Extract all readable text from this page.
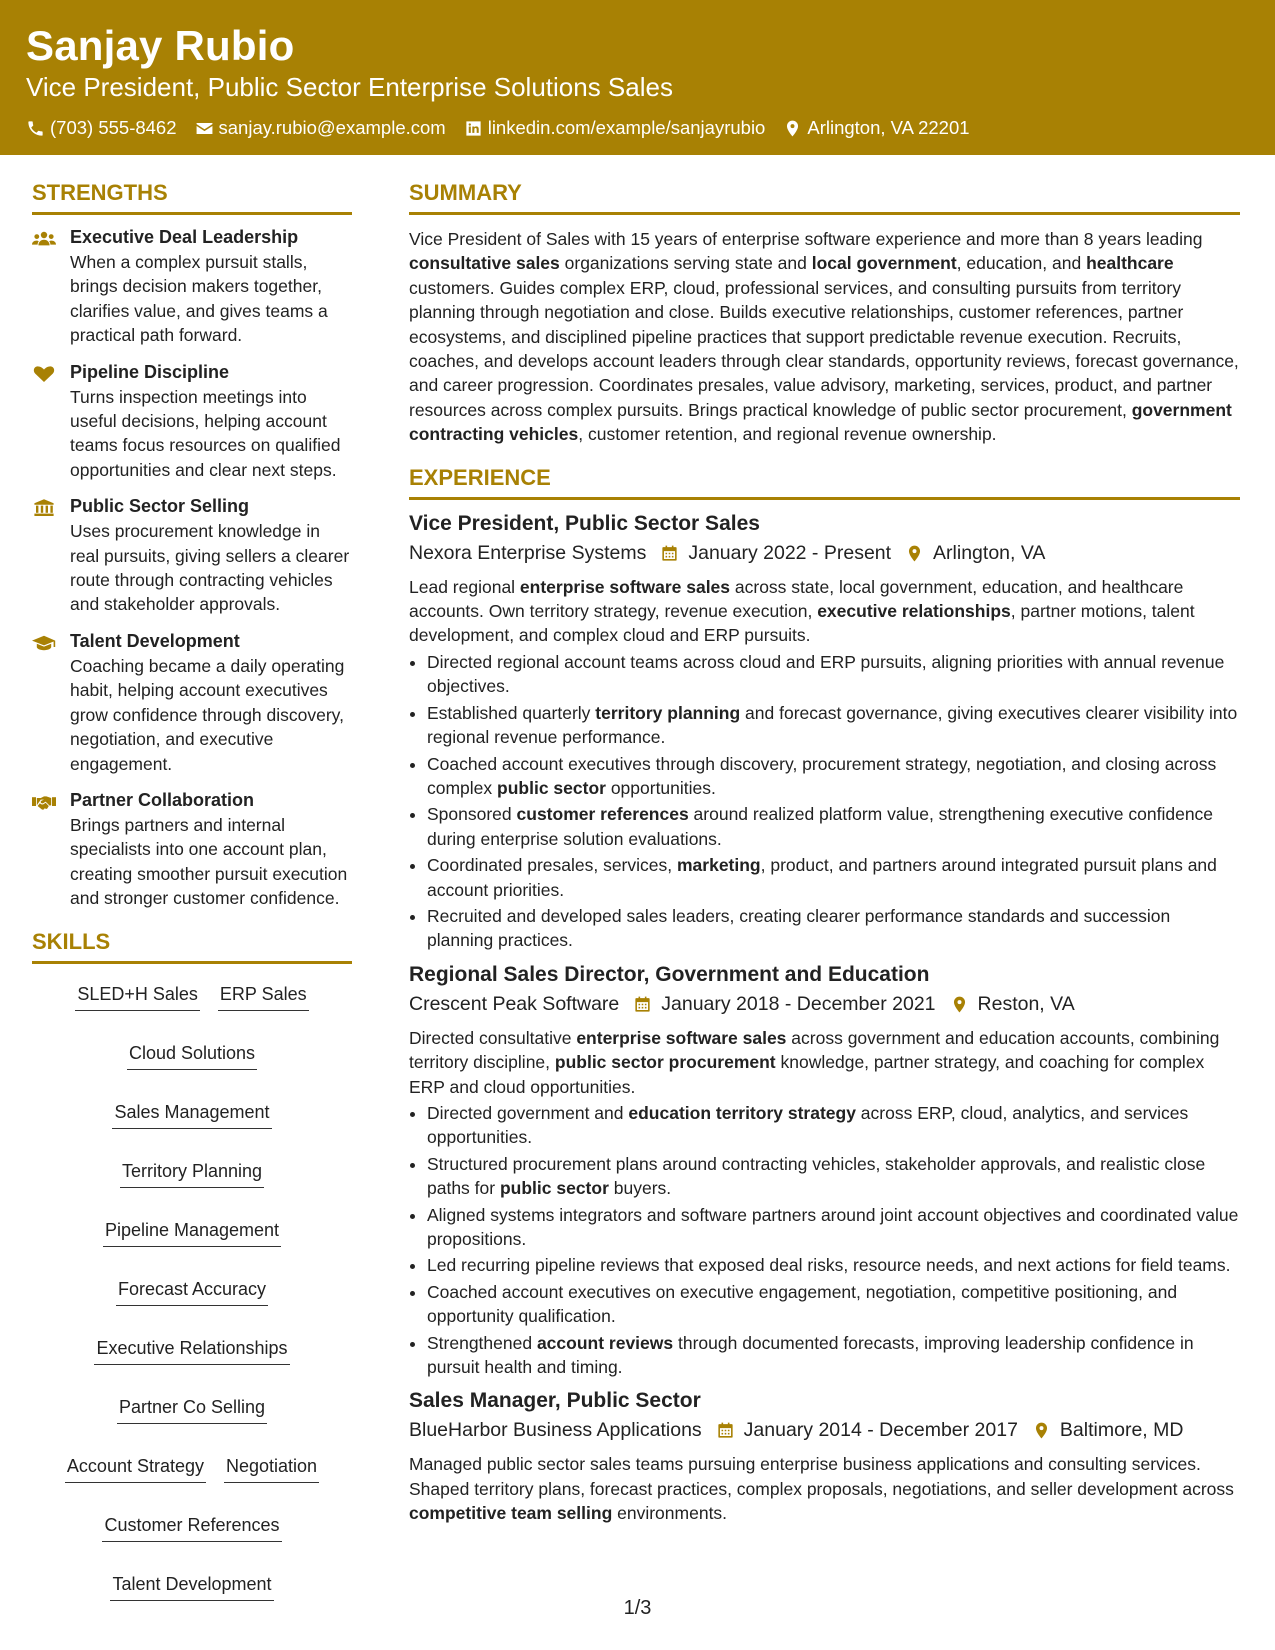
Sanjay Rubio
Vice President, Public Sector Enterprise Solutions Sales
(703) 555-8462 sanjay.rubio@example.com linkedin.com/example/sanjayrubio Arlington, VA 22201
STRENGTHS
Executive Deal Leadership
When a complex pursuit stalls, brings decision makers together, clarifies value, and gives teams a practical path forward.
Pipeline Discipline
Turns inspection meetings into useful decisions, helping account teams focus resources on qualified opportunities and clear next steps.
Public Sector Selling
Uses procurement knowledge in real pursuits, giving sellers a clearer route through contracting vehicles and stakeholder approvals.
Talent Development
Coaching became a daily operating habit, helping account executives grow confidence through discovery, negotiation, and executive engagement.
Partner Collaboration
Brings partners and internal specialists into one account plan, creating smoother pursuit execution and stronger customer confidence.
SKILLS
SLED+H Sales ERP Sales
Cloud Solutions
Sales Management
Territory Planning
Pipeline Management
Forecast Accuracy
Executive Relationships
Partner Co Selling
Account Strategy Negotiation
Customer References
Talent Development
SUMMARY
Vice President of Sales with 15 years of enterprise software experience and more than 8 years leading consultative sales organizations serving state and local government, education, and healthcare customers. Guides complex ERP, cloud, professional services, and consulting pursuits from territory planning through negotiation and close. Builds executive relationships, customer references, partner ecosystems, and disciplined pipeline practices that support predictable revenue execution. Recruits, coaches, and develops account leaders through clear standards, opportunity reviews, forecast governance, and career progression. Coordinates presales, value advisory, marketing, services, product, and partner resources across complex pursuits. Brings practical knowledge of public sector procurement, government contracting vehicles, customer retention, and regional revenue ownership.
EXPERIENCE
Vice President, Public Sector Sales
Nexora Enterprise Systems January 2022 - Present Arlington, VA
Lead regional enterprise software sales across state, local government, education, and healthcare accounts. Own territory strategy, revenue execution, executive relationships, partner motions, talent development, and complex cloud and ERP pursuits.
• Directed regional account teams across cloud and ERP pursuits, aligning priorities with annual revenue objectives.
• Established quarterly territory planning and forecast governance, giving executives clearer visibility into regional revenue performance.
• Coached account executives through discovery, procurement strategy, negotiation, and closing across complex public sector opportunities.
• Sponsored customer references around realized platform value, strengthening executive confidence during enterprise solution evaluations.
• Coordinated presales, services, marketing, product, and partners around integrated pursuit plans and account priorities.
• Recruited and developed sales leaders, creating clearer performance standards and succession planning practices.
Regional Sales Director, Government and Education
Crescent Peak Software January 2018 - December 2021 Reston, VA
Directed consultative enterprise software sales across government and education accounts, combining territory discipline, public sector procurement knowledge, partner strategy, and coaching for complex ERP and cloud opportunities.
• Directed government and education territory strategy across ERP, cloud, analytics, and services opportunities.
• Structured procurement plans around contracting vehicles, stakeholder approvals, and realistic close paths for public sector buyers.
• Aligned systems integrators and software partners around joint account objectives and coordinated value propositions.
• Led recurring pipeline reviews that exposed deal risks, resource needs, and next actions for field teams.
• Coached account executives on executive engagement, negotiation, competitive positioning, and opportunity qualification.
• Strengthened account reviews through documented forecasts, improving leadership confidence in pursuit health and timing.
Sales Manager, Public Sector
BlueHarbor Business Applications January 2014 - December 2017 Baltimore, MD
Managed public sector sales teams pursuing enterprise business applications and consulting services. Shaped territory plans, forecast practices, complex proposals, negotiations, and seller development across competitive team selling environments.
1/3
